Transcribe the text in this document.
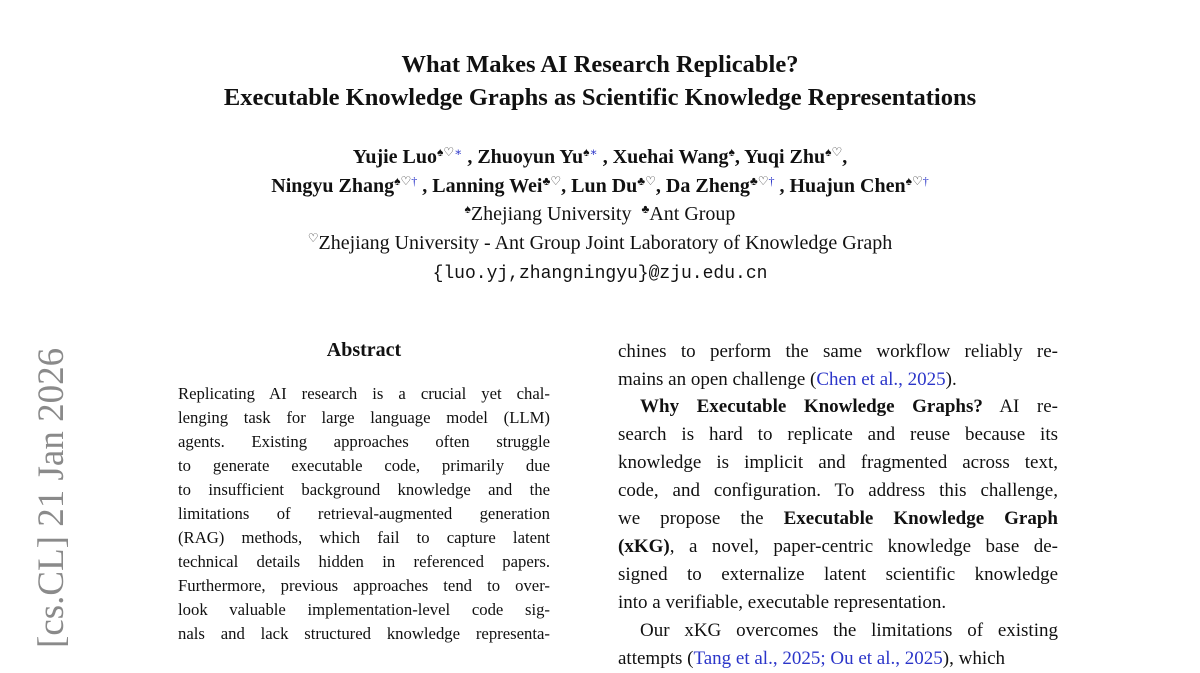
What Makes AI Research Replicable?
Executable Knowledge Graphs as Scientific Knowledge Representations
Yujie Luo♠♡∗ , Zhuoyun Yu♠∗ , Xuehai Wang♠, Yuqi Zhu♠♡,
Ningyu Zhang♠♡† , Lanning Wei♣♡, Lun Du♣♡, Da Zheng♣♡† , Huajun Chen♠♡†
♠Zhejiang University ♣Ant Group
♡Zhejiang University - Ant Group Joint Laboratory of Knowledge Graph
{luo.yj,zhangningyu}@zju.edu.cn
[cs.CL] 21 Jan 2026	Abstract
Replicating AI research is a crucial yet chal-
lenging task for large language model (LLM)
agents. Existing approaches often struggle
to generate executable code, primarily due
to insufficient background knowledge and the
limitations of retrieval-augmented generation
(RAG) methods, which fail to capture latent
technical details hidden in referenced papers.
Furthermore, previous approaches tend to over-
look valuable implementation-level code sig-
nals and lack structured knowledge representa-
chines to perform the same workflow reliably re-
mains an open challenge (Chen et al., 2025).
Why Executable Knowledge Graphs? AI re-
search is hard to replicate and reuse because its
knowledge is implicit and fragmented across text,
code, and configuration. To address this challenge,
we propose the Executable Knowledge Graph
(xKG), a novel, paper-centric knowledge base de-
signed to externalize latent scientific knowledge
into a verifiable, executable representation.
Our xKG overcomes the limitations of existing
attempts (Tang et al., 2025; Ou et al., 2025), which
